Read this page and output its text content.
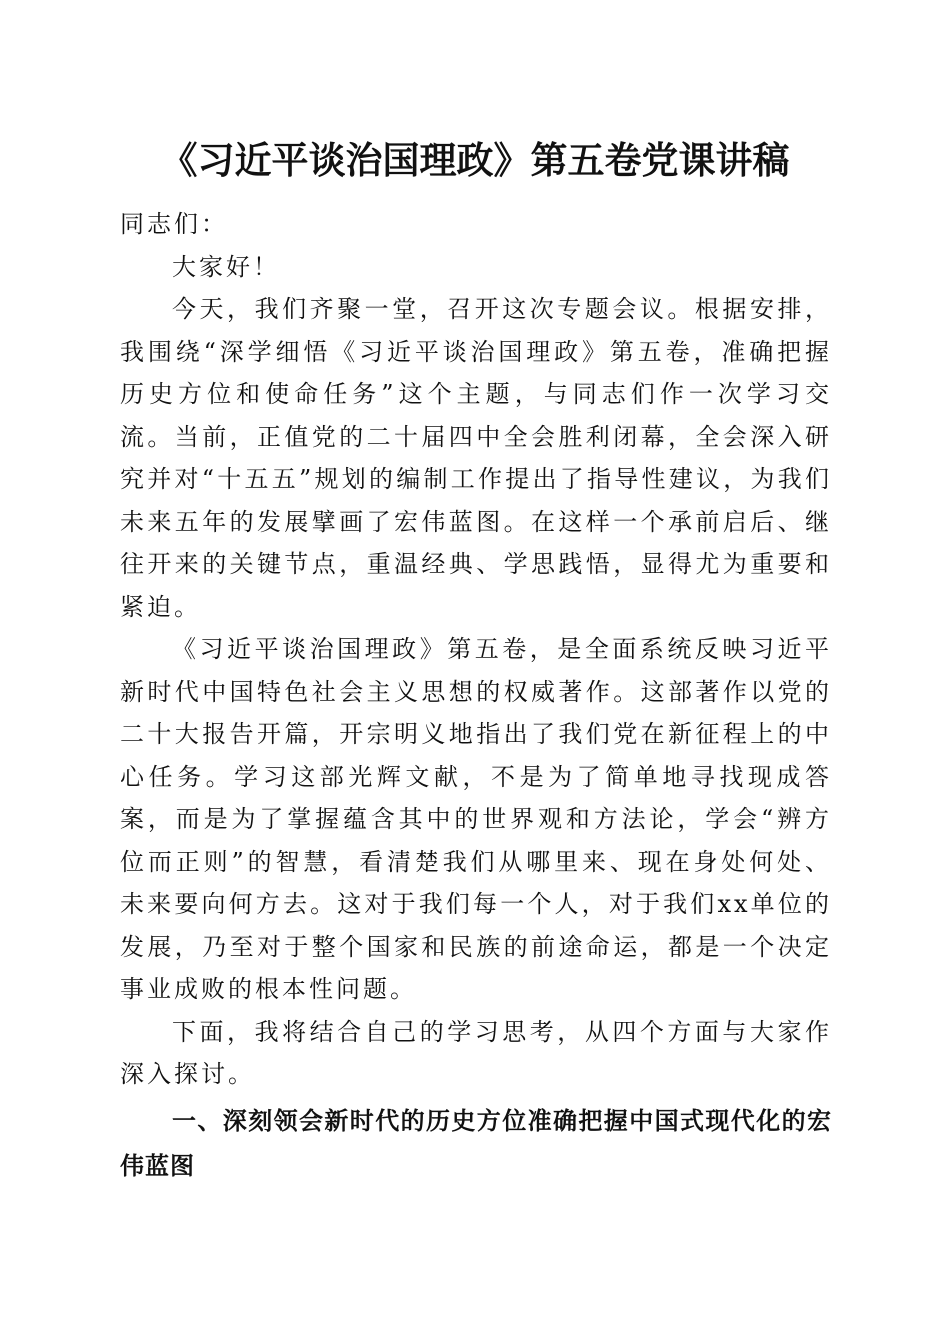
《习近平谈治国理政》第五卷党课讲稿

同志们：

大家好！

今天，我们齐聚一堂，召开这次专题会议。根据安排，我围绕“深学细悟《习近平谈治国理政》第五卷，准确把握历史方位和使命任务”这个主题，与同志们作一次学习交流。当前，正值党的二十届四中全会胜利闭幕，全会深入研究并对“十五五”规划的编制工作提出了指导性建议，为我们未来五年的发展擘画了宏伟蓝图。在这样一个承前启后、继往开来的关键节点，重温经典、学思践悟，显得尤为重要和紧迫。

《习近平谈治国理政》第五卷，是全面系统反映习近平新时代中国特色社会主义思想的权威著作。这部著作以党的二十大报告开篇，开宗明义地指出了我们党在新征程上的中心任务。学习这部光辉文献，不是为了简单地寻找现成答案，而是为了掌握蕴含其中的世界观和方法论，学会“辨方位而正则”的智慧，看清楚我们从哪里来、现在身处何处、未来要向何方去。这对于我们每一个人，对于我们xx单位的发展，乃至对于整个国家和民族的前途命运，都是一个决定事业成败的根本性问题。

下面，我将结合自己的学习思考，从四个方面与大家作深入探讨。

一、深刻领会新时代的历史方位准确把握中国式现代化的宏伟蓝图
